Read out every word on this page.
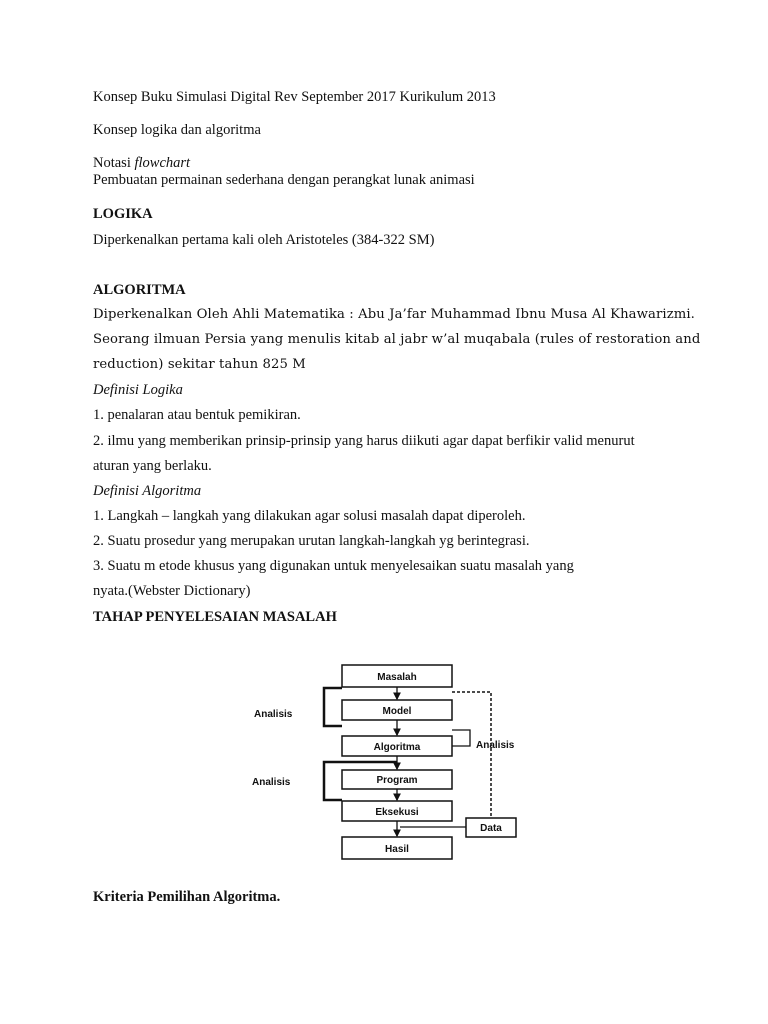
Konsep Buku Simulasi Digital Rev September 2017 Kurikulum 2013
Konsep logika dan algoritma
Notasi flowchart
Pembuatan permainan sederhana dengan perangkat lunak animasi
LOGIKA
Diperkenalkan pertama kali oleh Aristoteles (384-322 SM)
ALGORITMA
Diperkenalkan Oleh Ahli Matematika : Abu Ja’far Muhammad Ibnu Musa Al Khawarizmi.
Seorang ilmuan Persia yang menulis kitab al jabr w’al muqabala (rules of restoration and
reduction) sekitar tahun 825 M
Definisi Logika
1. penalaran atau bentuk pemikiran.
2. ilmu yang memberikan prinsip-prinsip yang harus diikuti agar dapat berfikir valid menurut
aturan yang berlaku.
Definisi Algoritma
1. Langkah – langkah yang dilakukan agar solusi masalah dapat diperoleh.
2. Suatu prosedur yang merupakan urutan langkah-langkah yg berintegrasi.
3. Suatu m etode khusus yang digunakan untuk menyelesaikan suatu masalah yang
nyata.(Webster Dictionary)
TAHAP PENYELESAIAN MASALAH
Masalah
Model
Algoritma
Program
Eksekusi
Hasil
Data
Analisis
Analisis
Analisis
Kriteria Pemilihan Algoritma.
